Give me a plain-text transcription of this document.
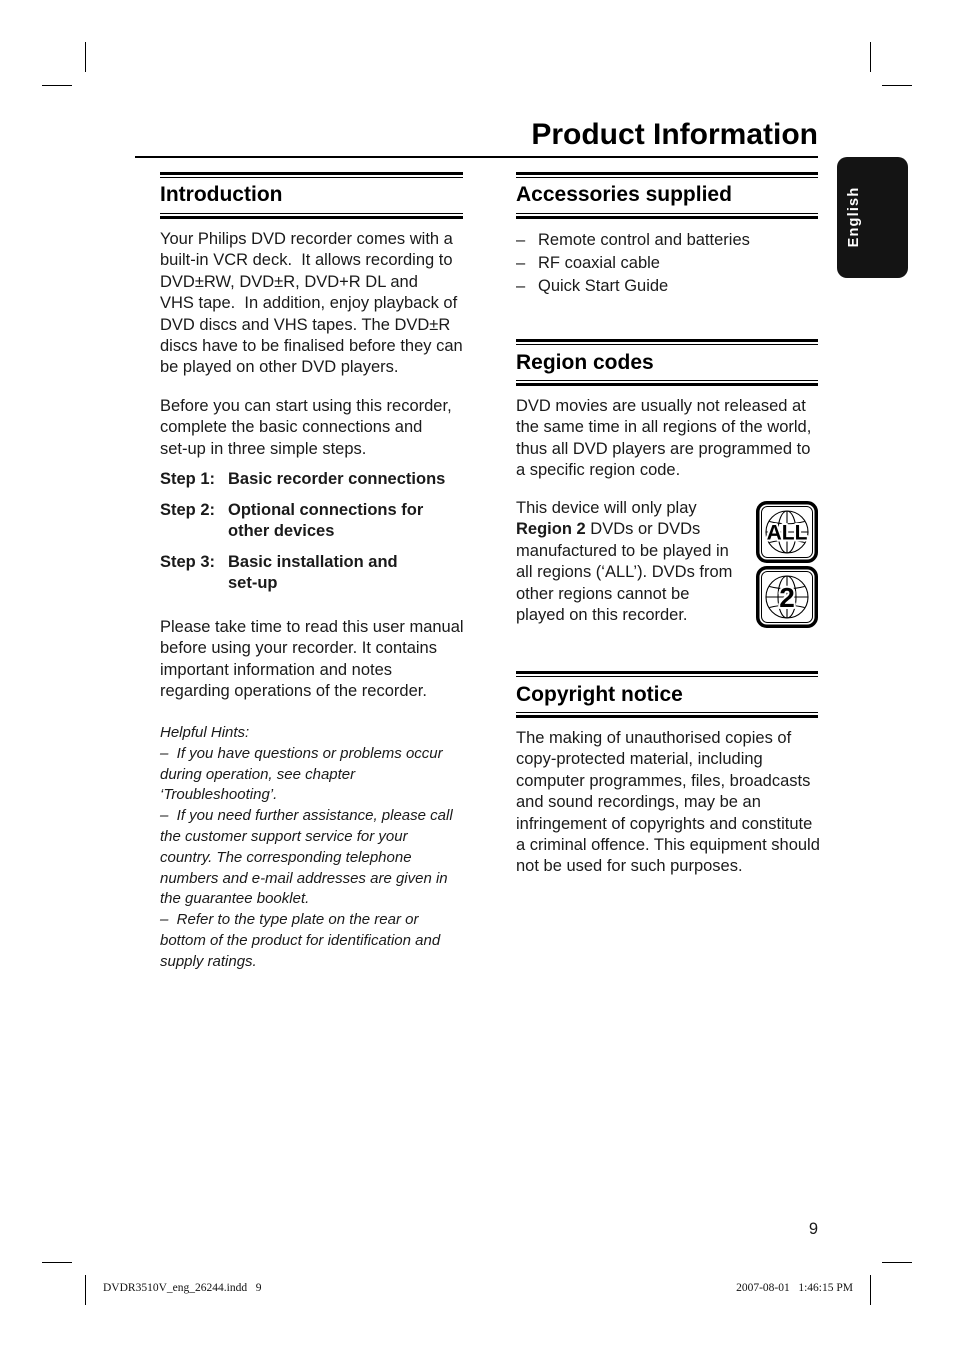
Product Information
English
Introduction
Your Philips DVD recorder comes with a
built-in VCR deck.  It allows recording to
DVD±RW, DVD±R, DVD+R DL and
VHS tape.  In addition, enjoy playback of
DVD discs and VHS tapes. The DVD±R
discs have to be finalised before they can
be played on other DVD players.
Before you can start using this recorder,
complete the basic connections and
set-up in three simple steps.
Step 1: Basic recorder connections
Step 2: Optional connections for
other devices
Step 3: Basic installation and
set-up
Please take time to read this user manual
before using your recorder. It contains
important information and notes
regarding operations of the recorder.
Helpful Hints:
–  If you have questions or problems occur
during operation, see chapter
‘Troubleshooting’.
–  If you need further assistance, please call
the customer support service for your
country. The corresponding telephone
numbers and e-mail addresses are given in
the guarantee booklet.
–  Refer to the type plate on the rear or
bottom of the product for identification and
supply ratings.
Accessories supplied
– Remote control and batteries
– RF coaxial cable
– Quick Start Guide
Region codes
DVD movies are usually not released at
the same time in all regions of the world,
thus all DVD players are programmed to
a specific region code.
This device will only play
Region 2 DVDs or DVDs
manufactured to be played in
all regions (‘ALL’). DVDs from
other regions cannot be
played on this recorder.
ALL
2
Copyright notice
The making of unauthorised copies of
copy-protected material, including
computer programmes, files, broadcasts
and sound recordings, may be an
infringement of copyrights and constitute
a criminal offence. This equipment should
not be used for such purposes.
9
DVDR3510V_eng_26244.indd   9	2007-08-01   1:46:15 PM
